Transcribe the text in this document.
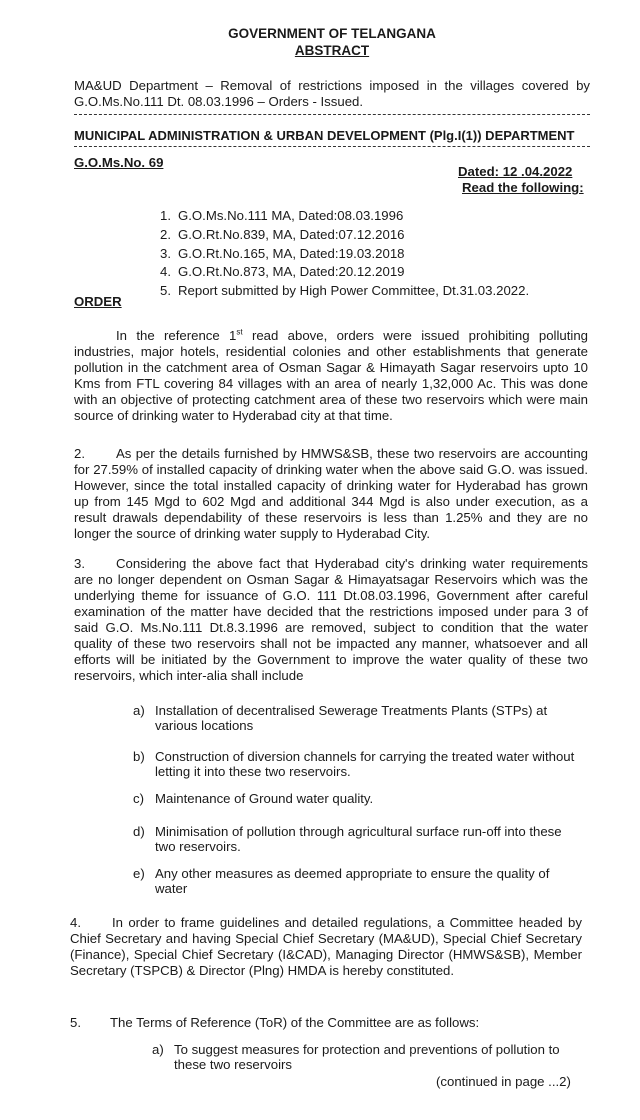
GOVERNMENT OF TELANGANA
ABSTRACT
MA&UD Department – Removal of restrictions imposed in the villages covered by G.O.Ms.No.111 Dt. 08.03.1996 – Orders - Issued.
MUNICIPAL ADMINISTRATION & URBAN DEVELOPMENT (Plg.I(1)) DEPARTMENT
G.O.Ms.No. 69
Dated: 12 .04.2022
Read the following:
1. G.O.Ms.No.111 MA, Dated:08.03.1996
2. G.O.Rt.No.839, MA, Dated:07.12.2016
3. G.O.Rt.No.165, MA, Dated:19.03.2018
4. G.O.Rt.No.873, MA, Dated:20.12.2019
5. Report submitted by High Power Committee, Dt.31.03.2022.
ORDER
In the reference 1st read above, orders were issued prohibiting polluting industries, major hotels, residential colonies and other establishments that generate pollution in the catchment area of Osman Sagar & Himayath Sagar reservoirs upto 10 Kms from FTL covering 84 villages with an area of nearly 1,32,000 Ac. This was done with an objective of protecting catchment area of these two reservoirs which were main source of drinking water to Hyderabad city at that time.
2. As per the details furnished by HMWS&SB, these two reservoirs are accounting for 27.59% of installed capacity of drinking water when the above said G.O. was issued. However, since the total installed capacity of drinking water for Hyderabad has grown up from 145 Mgd to 602 Mgd and additional 344 Mgd is also under execution, as a result drawals dependability of these reservoirs is less than 1.25% and they are no longer the source of drinking water supply to Hyderabad City.
3. Considering the above fact that Hyderabad city's drinking water requirements are no longer dependent on Osman Sagar & Himayatsagar Reservoirs which was the underlying theme for issuance of G.O. 111 Dt.08.03.1996, Government after careful examination of the matter have decided that the restrictions imposed under para 3 of said G.O. Ms.No.111 Dt.8.3.1996 are removed, subject to condition that the water quality of these two reservoirs shall not be impacted any manner, whatsoever and all efforts will be initiated by the Government to improve the water quality of these two reservoirs, which inter-alia shall include
a) Installation of decentralised Sewerage Treatments Plants (STPs) at
various locations
b) Construction of diversion channels for carrying the treated water without
letting it into these two reservoirs.
c) Maintenance of Ground water quality.
d) Minimisation of pollution through agricultural surface run-off into these
two reservoirs.
e) Any other measures as deemed appropriate to ensure the quality of
water
4. In order to frame guidelines and detailed regulations, a Committee headed by Chief Secretary and having Special Chief Secretary (MA&UD), Special Chief Secretary (Finance), Special Chief Secretary (I&CAD), Managing Director (HMWS&SB), Member Secretary (TSPCB) & Director (Plng) HMDA is hereby constituted.
5. The Terms of Reference (ToR) of the Committee are as follows:
a) To suggest measures for protection and preventions of pollution to
these two reservoirs
(continued in page ...2)
